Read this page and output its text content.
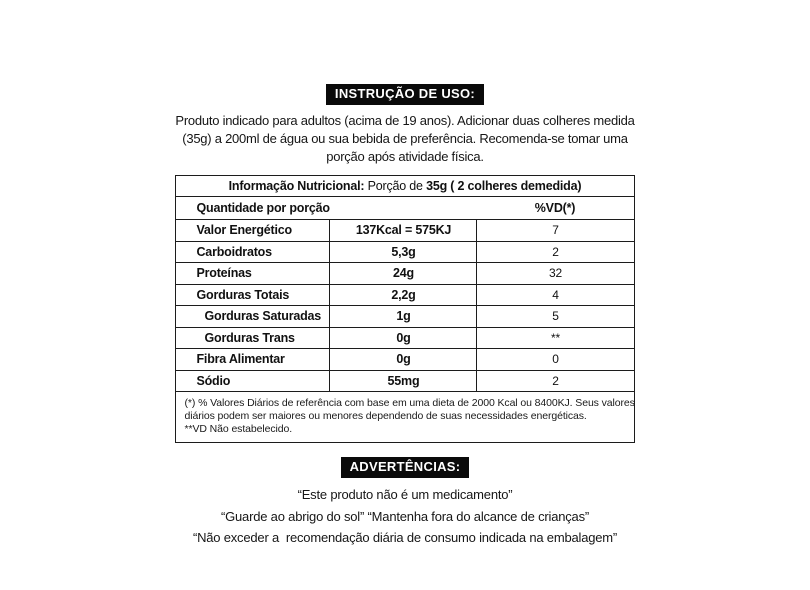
INSTRUÇÃO DE USO:
Produto indicado para adultos (acima de 19 anos). Adicionar duas colheres medida
(35g) a 200ml de água ou sua bebida de preferência. Recomenda-se tomar uma
porção após atividade física.
Informação Nutricional: Porção de 35g ( 2 colheres demedida)		

Quantidade por porção %VD(*)		

Valor Energético	137Kcal = 575KJ	7
Carboidratos	5,3g	2
Proteínas	24g	32
Gorduras Totais	2,2g	4
Gorduras Saturadas	1g	5
Gorduras Trans	0g	**
Fibra Alimentar	0g	0
Sódio	55mg	2

(*) % Valores Diários de referência com base em uma dieta de 2000 Kcal ou 8400KJ. Seus valores
diários podem ser maiores ou menores dependendo de suas necessidades energéticas.
**VD Não estabelecido.		
ADVERTÊNCIAS:
“Este produto não é um medicamento”
“Guarde ao abrigo do sol” “Mantenha fora do alcance de crianças”
“Não exceder a  recomendação diária de consumo indicada na embalagem”
